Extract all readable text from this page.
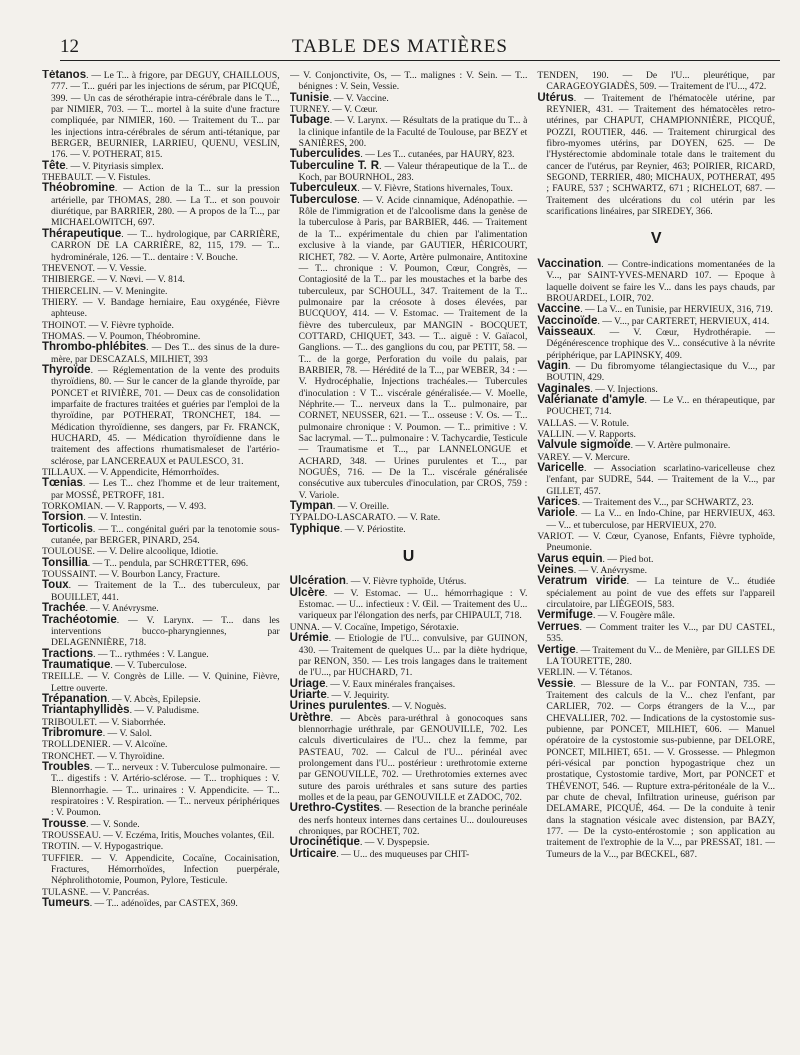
12	TABLE DES MATIÈRES

Tétanos. — Le T... à frigore, par DEGUY, CHAILLOUS, 777. — T... guéri par les injections de sérum, par PICQUÉ, 399. — Un cas de sérothérapie intra-cérébrale dans le T..., par NIMIER, 703. — T... mortel à la suite d'une fracture compliquée, par NIMIER, 160. — Traitement du T... par les injections intra-cérébrales de sérum anti-tétanique, par BERGER, BEURNIER, LARRIEU, QUENU, VESLIN, 176. — V. POTHERAT, 815.

Tête. — V. Pityriasis simplex.

THEBAULT. — V. Fistules.

Théobromine. — Action de la T... sur la pression artérielle, par THOMAS, 280. — La T... et son pouvoir diurétique, par BARRIER, 280. — A propos de la T..., par MICHAELOWITCH, 697.

Thérapeutique. — T... hydrologique, par CARRIÈRE, CARRON DE LA CARRIÈRE, 82, 115, 179. — T... hydrominérale, 126. — T... dentaire : V. Bouche.

THEVENOT. — V. Vessie.

THIBIERGE. — V. Nœvi. — V. 814.

THIERCELIN. — V. Meningite.

THIERY. — V. Bandage herniaire, Eau oxygénée, Fièvre aphteuse.

THOINOT. — V. Fièvre typhoïde.

THOMAS. — V. Poumon, Théobromine.

Thrombo-phlébites. — Des T... des sinus de la dure-mère, par DESCAZALS, MILHIET, 393

Thyroïde. — Réglementation de la vente des produits thyroïdiens, 80. — Sur le cancer de la glande thyroïde, par PONCET et RIVIÈRE, 701. — Deux cas de consolidation imparfaite de fractures traitées et guéries par l'emploi de la thyroïdine, par POTHERAT, TRONCHET, 184. — Médication thyroïdienne, ses dangers, par Fr. FRANCK, HUCHARD, 45. — Médication thyroïdienne dans le traitement des affections rhumatismaleset de l'artério-sclérose, par LANCEREAUX et PAULESCO, 31.

TILLAUX. — V. Appendicite, Hémorrhoïdes.

Tœnias. — Les T... chez l'homme et de leur traitement, par MOSSÉ, PETROFF, 181.

TORKOMIAN. — V. Rapports, — V. 493.

Torsion. — V. Intestin.

Torticolis. — T... congénital guéri par la tenotomie sous-cutanée, par BERGER, PINARD, 254.

TOULOUSE. — V. Delire alcoolique, Idiotie.

Tonsillia. — T... pendula, par SCHRŒTTER, 696.

TOUSSAINT. — V. Bourbon Lancy, Fracture.

Toux. — Traitement de la T... des tuberculeux, par BOUILLET, 441.

Trachée. — V. Anévrysme.

Trachéotomie. — V. Larynx. — T... dans les interventions bucco-pharyngiennes, par DELAGENNIÈRE, 718.

Tractions. — T... rythmées : V. Langue.

Traumatique. — V. Tuberculose.

TREILLE. — V. Congrès de Lille. — V. Quinine, Fièvre, Lettre ouverte.

Trépanation. — V. Abcès, Epilepsie.

Triantaphyllidès. — V. Paludisme.

TRIBOULET. — V. Siaborrhée.

Tribromure. — V. Salol.

TROLLDENIER. — V. Alcoïne.

TRONCHET. — V. Thyroïdine.

Troubles. — T... nerveux : V. Tuberculose pulmonaire. — T... digestifs : V. Artério-sclérose. — T... trophiques : V. Blennorrhagie. — T... urinaires : V. Appendicite. — T... respiratoires : V. Respiration. — T... nerveux périphériques : V. Poumon.

Trousse. — V. Sonde.

TROUSSEAU. — V. Eczéma, Iritis, Mouches volantes, Œil.

TROTIN. — V. Hypogastrique.

TUFFIER. — V. Appendicite, Cocaïne, Cocainisation, Fractures, Hémorrhoïdes, Infection puerpérale, Néphrolithotomie, Poumon, Pylore, Testicule.

TULASNE. — V. Pancréas.

Tumeurs. — T... adénoïdes, par CASTEX, 369.

— V. Conjonctivite, Os, — T... malignes : V. Sein. — T... bénignes : V. Sein, Vessie.

Tunisie. — V. Vaccine.

TURNEY. — V. Cœur.

Tubage. — V. Larynx. — Résultats de la pratique du T... à la clinique infantile de la Faculté de Toulouse, par BEZY et SANIÈRES, 200.

Tuberculides. — Les T... cutanées, par HAURY, 823.

Tuberculine T. R. — Valeur thérapeutique de la T... de Koch, par BOURNHOL, 283.

Tuberculeux. — V. Fièvre, Stations hivernales, Toux.

Tuberculose. — V. Acide cinnamique, Adénopathie. — Rôle de l'immigration et de l'alcoolisme dans la genèse de la tuberculose à Paris, par BARBIER, 446. — Traitement de la T... expérimentale du chien par l'alimentation exclusive à la viande, par GAUTIER, HÉRICOURT, RICHET, 782. — V. Aorte, Artère pulmonaire, Antitoxine — T... chronique : V. Poumon, Cœur, Congrès, — Contagiosité de la T... par les moustaches et la barbe des tuberculeux, par SCHOULL, 347. Traitement de la T... pulmonaire par la créosote à doses élevées, par BUCQUOY, 414. — V. Estomac. — Traitement de la fièvre des tuberculeux, par MANGIN - BOCQUET, COTTARD, CHIQUET, 343. — T... aiguë : V. Gaïacol, Ganglions. — T... des ganglions du cou, par PETIT, 58. — T... de la gorge, Perforation du voile du palais, par BARBIER, 78. — Hérédité de la T..., par WEBER, 34 : — V. Hydrocéphalie, Injections trachéales.— Tubercules d'inoculation : V T... viscérale généralisée.— V. Moelle, Néphrite.— T... nerveux dans la T... pulmonaire, par CORNET, NEUSSER, 621. — T... osseuse : V. Os. — T... pulmonaire chronique : V. Poumon. — T... primitive : V. Sac lacrymal. — T... pulmonaire : V. Tachycardie, Testicule — Traumatisme et T..., par LANNELONGUE et ACHARD, 348. — Urines purulentes et T..., par NOGUÈS, 716. — De la T... viscérale généralisée consécutive aux tubercules d'inoculation, par CROS, 759 : V. Variole.

Tympan. — V. Oreille.

TYPALDO-LASCARATO. — V. Rate.

Typhique. — V. Périostite.

U

Ulcération. — V. Fièvre typhoïde, Utérus.

Ulcère. — V. Estomac. — U... hémorrhagique : V. Estomac. — U... infectieux : V. Œil. — Traitement des U... variqueux par l'élongation des nerfs, par CHIPAULT, 718.

UNNA. — V. Cocaïne, Impetigo, Sérotaxie.

Urémie. — Etiologie de l'U... convulsive, par GUINON, 430. — Traitement de quelques U... par la diète hydrique, par RENON, 350. — Les trois langages dans le traitement de l'U..., par HUCHARD, 71.

Uriage. — V. Eaux minérales françaises.

Uriarte. — V. Jequirity.

Urines purulentes. — V. Noguès.

Urèthre. — Abcès para-uréthral à gonocoques sans blennorrhagie uréthrale, par GENOUVILLE, 702. Les calculs diverticulaires de l'U... chez la femme, par PASTEAU, 702. — Calcul de l'U... périnéal avec prolongement dans l'U... postérieur : urethrotomie externe par GENOUVILLE, 702. — Urethrotomies externes avec suture des parois uréthrales et sans suture des parties molles et de la peau, par GENOUVILLE et ZADOC, 702.

Urethro-Cystites. — Resection de la branche perinéale des nerfs honteux internes dans certaines U... douloureuses chroniques, par ROCHET, 702.

Urocinétique. — V. Dyspepsie.

Urticaire. — U... des muqueuses par CHIT-

TENDEN, 190. — De l'U... pleurétique, par CARAGEOYGIADÈS, 509. — Traitement de l'U..., 472.

Utérus. — Traitement de l'hématocèle utérine, par REYNIER, 431. — Traitement des hématocèles retro-utérines, par CHAPUT, CHAMPIONNIÈRE, PICQUÉ, POZZI, ROUTIER, 446. — Traitement chirurgical des fibro-myomes utérins, par DOYEN, 625. — De l'Hystérectomie abdominale totale dans le traitement du cancer de l'utérus, par Reynier, 463; POIRIER, RICARD, SEGOND, TERRIER, 480; MICHAUX, POTHERAT, 495 ; FAURE, 537 ; SCHWARTZ, 671 ; RICHELOT, 687. — Traitement des ulcérations du col utérin par les scarifications linéaires, par SIREDEY, 366.

V

Vaccination. — Contre-indications momentanées de la V..., par SAINT-YVES-MENARD 107. — Epoque à laquelle doivent se faire les V... dans les pays chauds, par BROUARDEL, LOIR, 702.

Vaccine. — La V... en Tunisie, par HERVIEUX, 316, 719.

Vaccinoïde. — V..., par CARTERET, HERVIEUX, 414.

Vaisseaux. — V. Cœur, Hydrothérapie. — Dégénérescence trophique des V... consécutive à la névrite périphérique, par LAPINSKY, 409.

Vagin. — Du fibromyome télangiectasique du V..., par BOUTIN, 429.

Vaginales. — V. Injections.

Valérianate d'amyle. — Le V... en thérapeutique, par POUCHET, 714.

VALLAS. — V. Rotule.

VALLIN. — V. Rapports.

Valvule sigmoïde. — V. Artère pulmonaire.

VAREY. — V. Mercure.

Varicelle. — Association scarlatino-varicelleuse chez l'enfant, par SUDRE, 544. — Traitement de la V..., par GILLET, 457.

Varices. — Traitement des V..., par SCHWARTZ, 23.

Variole. — La V... en Indo-Chine, par HERVIEUX, 463. — V... et tuberculose, par HERVIEUX, 270.

VARIOT. — V. Cœur, Cyanose, Enfants, Fièvre typhoïde, Pneumonie.

Varus equin. — Pied bot.

Veines. — V. Anévrysme.

Veratrum viride. — La teinture de V... étudiée spécialement au point de vue des effets sur l'appareil circulatoire, par LIÉGEOIS, 583.

Vermifuge. — V. Fougère mâle.

Verrues. — Comment traiter les V..., par DU CASTEL, 535.

Vertige. — Traitement du V... de Menière, par GILLES DE LA TOURETTE, 280.

VERLIN. — V. Tétanos.

Vessie. — Blessure de la V... par FONTAN, 735. — Traitement des calculs de la V... chez l'enfant, par CARLIER, 702. — Corps étrangers de la V..., par CHEVALLIER, 702. — Indications de la cystostomie sus-pubienne, par PONCET, MILHIET, 606. — Manuel opératoire de la cystostomie sus-pubienne, par DELORE, PONCET, MILHIET, 651. — V. Grossesse. — Phlegmon péri-vésical par ponction hypogastrique chez un prostatique, Cystostomie tardive, Mort, par PONCET et THÉVENOT, 546. — Rupture extra-péritonéale de la V... par chute de cheval, Infiltration urineuse, guérison par DELAMARE, PICQUÉ, 464. — De la conduite à tenir dans la stagnation vésicale avec distension, par BAZY, 177. — De la cysto-entérostomie ; son application au traitement de l'extrophie de la V..., par PRESSAT, 181. — Tumeurs de la V..., par BŒCKEL, 687.
